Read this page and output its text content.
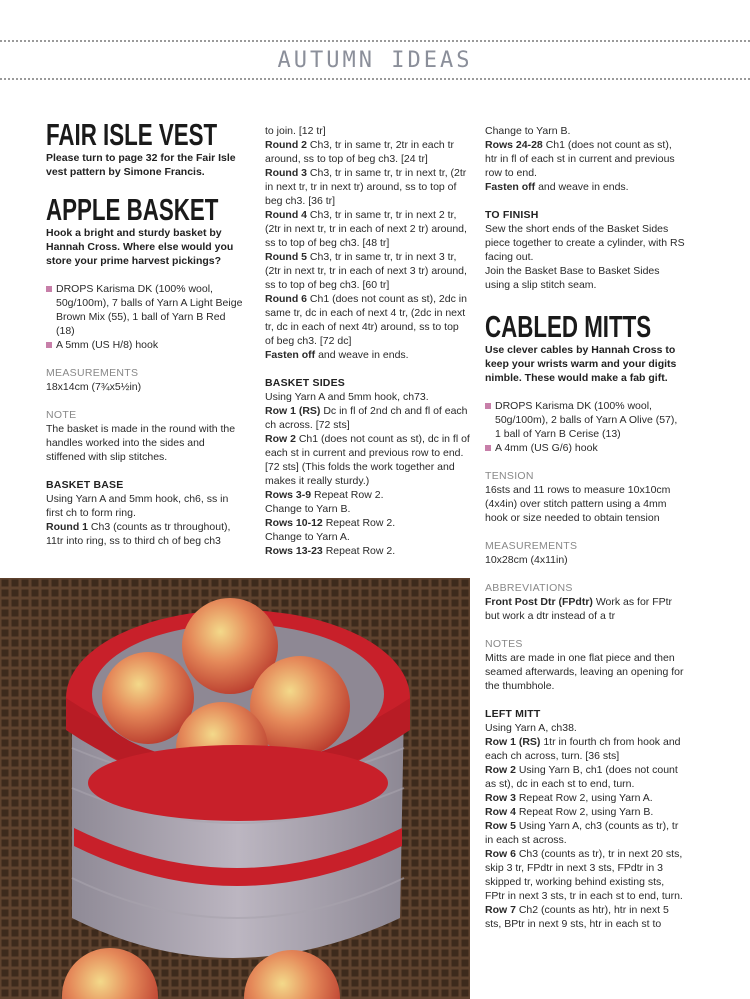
AUTUMN IDEAS
FAIR ISLE VEST

Please turn to page 32 for the Fair Isle vest pattern by Simone Francis.

APPLE BASKET

Hook a bright and sturdy basket by Hannah Cross. Where else would you store your prime harvest pickings?

DROPS Karisma DK (100% wool, 50g/100m), 7 balls of Yarn A Light Beige Brown Mix (55), 1 ball of Yarn B Red (18)

A 5mm (US H/8) hook

MEASUREMENTS

18x14cm (7¾x5½in)

NOTE

The basket is made in the round with the handles worked into the sides and stiffened with slip stitches.

BASKET BASE

Using Yarn A and 5mm hook, ch6, ss in first ch to form ring.

Round 1 Ch3 (counts as tr throughout), 11tr into ring, ss to third ch of beg ch3

to join. [12 tr]

Round 2 Ch3, tr in same tr, 2tr in each tr around, ss to top of beg ch3. [24 tr]

Round 3 Ch3, tr in same tr, tr in next tr, (2tr in next tr, tr in next tr) around, ss to top of beg ch3. [36 tr]

Round 4 Ch3, tr in same tr, tr in next 2 tr, (2tr in next tr, tr in each of next 2 tr) around, ss to top of beg ch3. [48 tr]

Round 5 Ch3, tr in same tr, tr in next 3 tr, (2tr in next tr, tr in each of next 3 tr) around, ss to top of beg ch3. [60 tr]

Round 6 Ch1 (does not count as st), 2dc in same tr, dc in each of next 4 tr, (2dc in next tr, dc in each of next 4tr) around, ss to top of beg ch3. [72 dc]

Fasten off and weave in ends.

BASKET SIDES

Using Yarn A and 5mm hook, ch73.

Row 1 (RS) Dc in fl of 2nd ch and fl of each ch across. [72 sts]

Row 2 Ch1 (does not count as st), dc in fl of each st in current and previous row to end. [72 sts] (This folds the work together and makes it really sturdy.)

Rows 3-9 Repeat Row 2.

Change to Yarn B.

Rows 10-12 Repeat Row 2.

Change to Yarn A.

Rows 13-23 Repeat Row 2.

Change to Yarn B.

Rows 24-28 Ch1 (does not count as st), htr in fl of each st in current and previous row to end.

Fasten off and weave in ends.

TO FINISH

Sew the short ends of the Basket Sides piece together to create a cylinder, with RS facing out.

Join the Basket Base to Basket Sides using a slip stitch seam.

CABLED MITTS

Use clever cables by Hannah Cross to keep your wrists warm and your digits nimble. These would make a fab gift.

DROPS Karisma DK (100% wool, 50g/100m), 2 balls of Yarn A Olive (57), 1 ball of Yarn B Cerise (13)

A 4mm (US G/6) hook

TENSION

16sts and 11 rows to measure 10x10cm (4x4in) over stitch pattern using a 4mm hook or size needed to obtain tension

MEASUREMENTS

10x28cm (4x11in)

ABBREVIATIONS

Front Post Dtr (FPdtr) Work as for FPtr but work a dtr instead of a tr

NOTES

Mitts are made in one flat piece and then seamed afterwards, leaving an opening for the thumbhole.

LEFT MITT

Using Yarn A, ch38.

Row 1 (RS) 1tr in fourth ch from hook and each ch across, turn. [36 sts]

Row 2 Using Yarn B, ch1 (does not count as st), dc in each st to end, turn.

Row 3 Repeat Row 2, using Yarn A.

Row 4 Repeat Row 2, using Yarn B.

Row 5 Using Yarn A, ch3 (counts as tr), tr in each st across.

Row 6 Ch3 (counts as tr), tr in next 20 sts, skip 3 tr, FPdtr in next 3 sts, FPdtr in 3 skipped tr, working behind existing sts, FPtr in next 3 sts, tr in each st to end, turn.

Row 7 Ch2 (counts as htr), htr in next 5 sts, BPtr in next 9 sts, htr in each st to
